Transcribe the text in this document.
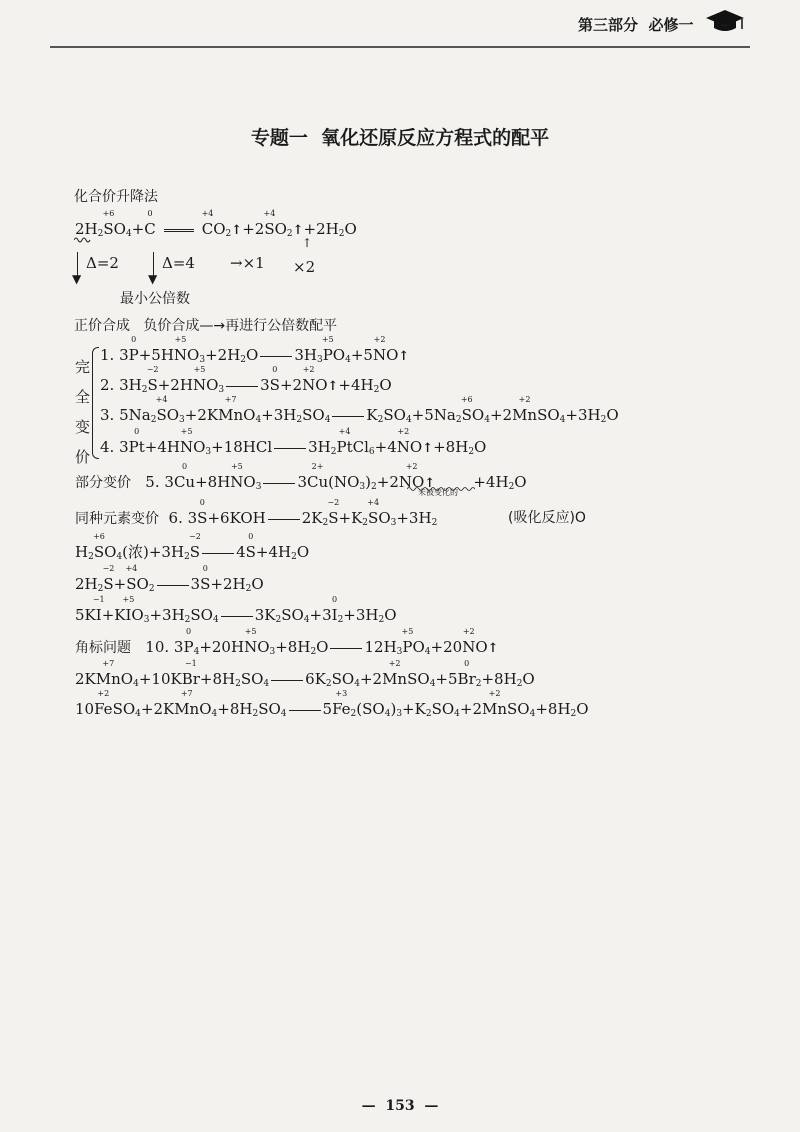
第三部分  必修一
专题一  氧化还原反应方程式的配平
化合价升降法
$2H_2$
+6
$SO_4+$
0
C
+4
$CO_2↑+2$
+4
$SO_2↑+2H_2O$
▼
Δ=2
▼
Δ=4 →×1
↑
×2
最小公倍数
正价合成 负价合成—→再进行公倍数配平
完
全
变
价
1. 3
0
P+5H
+5
$NO_3+2H_2O$ $3H_3$
+5
$PO_4+5$
+2
NO↑
2. $3H_2$
−2
S+2H
+5
$NO_3$ 3
0
S+2
+2
$NO↑+4H_2O$
3. $5Na_2$
+4
$SO_3+2K$
+7
$MnO_4+3H_2SO_4$ $K_2SO_4+5Na_2$
+6
$SO_4+2$
+2
$MnSO_4+3H_2O$
4. 3
0
Pt+4H
+5
$NO_3+18HCl$ $3H_2$
+4
PtCl$_6$+4
+2
$NO↑+8H_2O$
部分变价   5. 3
0
Cu+8H
+5
$NO_3$ 3
2+
$Cu(NO_3)_2+2$
+2
NO↑        $+4H_2O$
未被变化的
同种元素变价  6. 3
0
S+6KOH $2K_2$
−2
$S+K_2$
+4
$SO_3+3H_2$	(吸化反应)O
$H_2$
+6
$SO_4$(浓)$+3H_2$
−2
S 4
0
$S+4H_2O$
$2H_2$
−2
S+
+4
$SO_2$ 3
0
$S+2H_2O$
5K
−1
I+K
+5
$IO_3+3H_2SO_4$ $3K_2SO_4+3$
0
$I_2+3H_2O$
角标问题   10. 3
0
$P_4+20H$
+5
$NO_3+8H_2O$ $12H_3$
+5
$PO_4+20$
+2
NO↑
2K
+7
MnO$_4$+10K
−1
$Br+8H_2SO_4$ $6K_2SO_4+2$
+2
MnSO$_4$+5
0
$Br_2+8H_2O$
10
+2
FeSO$_4$+2K
+7
$MnO_4+8H_2SO_4$ 5
+3
$Fe_2(SO_4)_3+K_2SO_4+2$
+2
$MnSO_4+8H_2O$
—  153  —
